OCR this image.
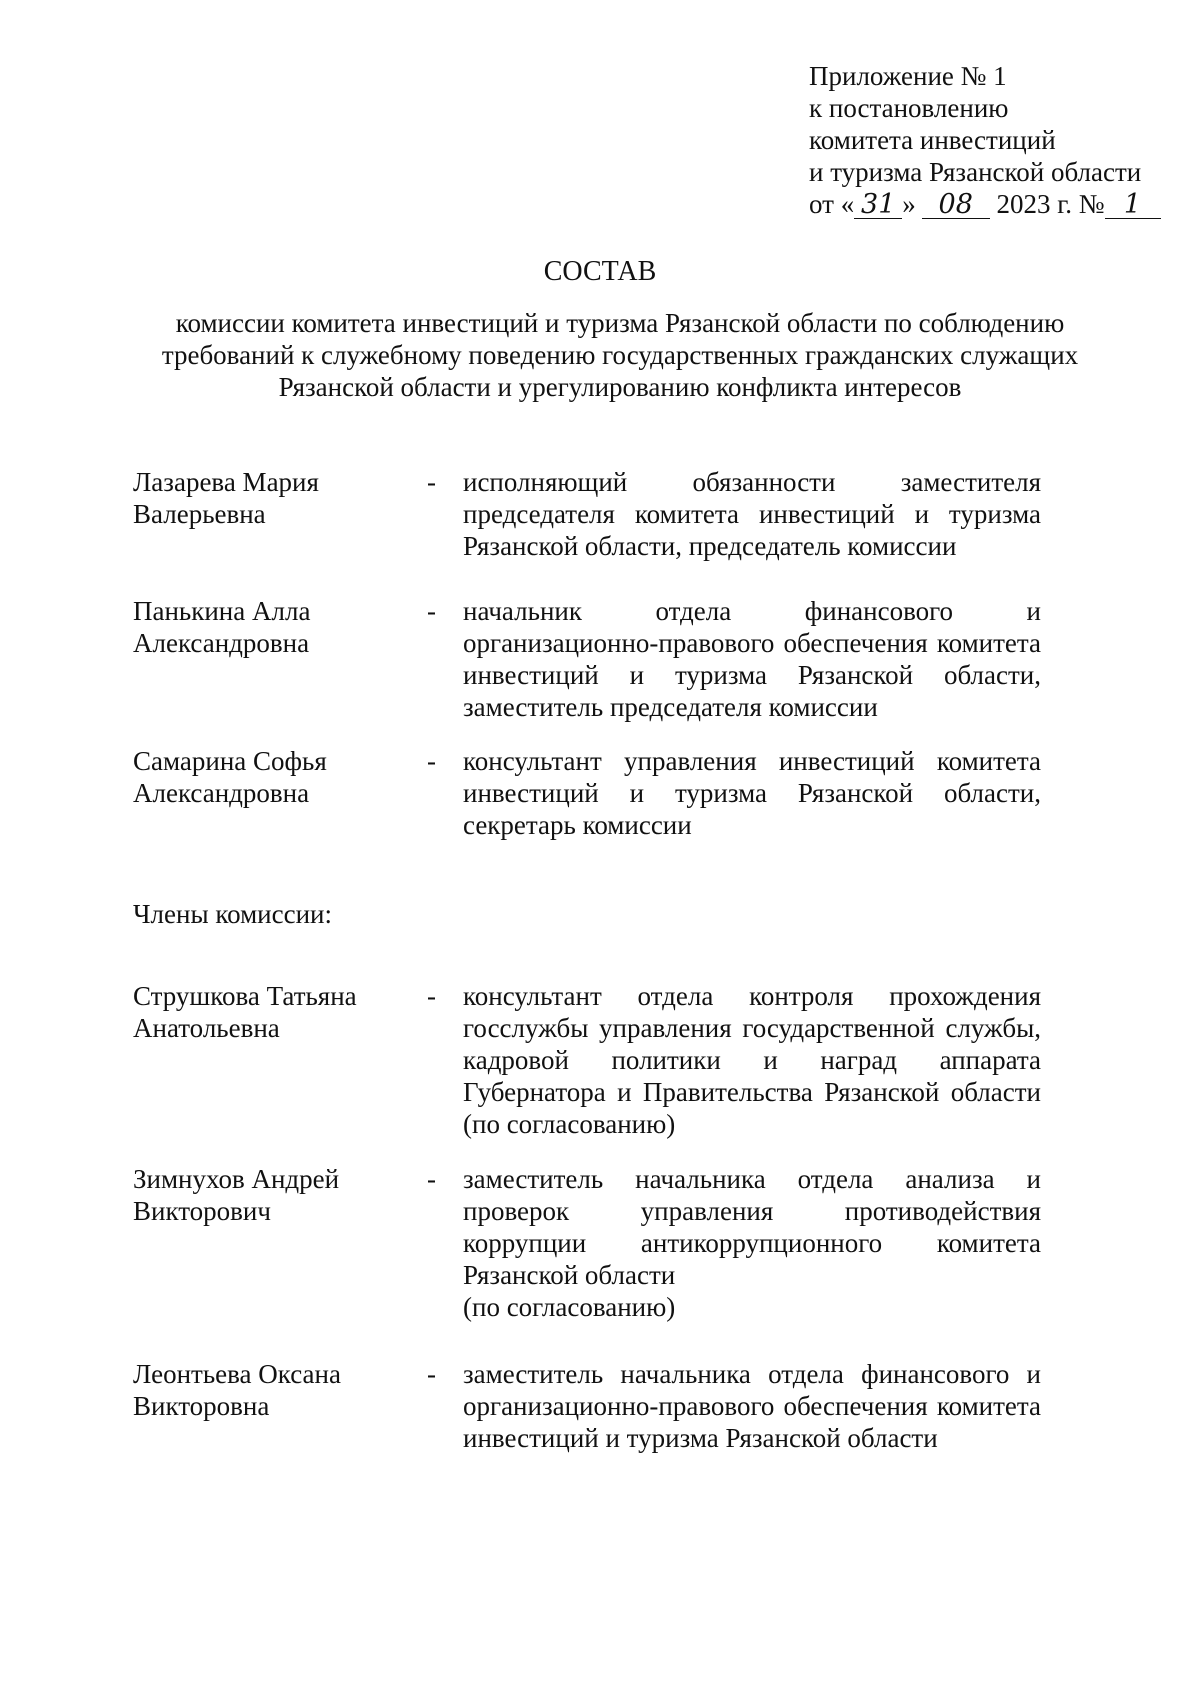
Приложение № 1
к постановлению
комитета инвестиций
и туризма Рязанской области
от « 31 » 08 2023 г. № 1
СОСТАВ
комиссии комитета инвестиций и туризма Рязанской области по соблюдению требований к служебному поведению государственных гражданских служащих Рязанской области и урегулированию конфликта интересов
Лазарева Мария
Валерьевна
- исполняющий обязанности заместителя председателя комитета инвестиций и туризма Рязанской области, председатель комиссии
Панькина Алла
Александровна
- начальник отдела финансового и организационно-правового обеспечения комитета инвестиций и туризма Рязанской области, заместитель председателя комиссии
Самарина Софья
Александровна
- консультант управления инвестиций комитета инвестиций и туризма Рязанской области, секретарь комиссии
Члены комиссии:
Струшкова Татьяна
Анатольевна
- консультант отдела контроля прохождения госслужбы управления государственной службы, кадровой политики и наград аппарата Губернатора и Правительства Рязанской области (по согласованию)
Зимнухов Андрей
Викторович
- заместитель начальника отдела анализа и проверок управления противодействия коррупции антикоррупционного комитета Рязанской области
(по согласованию)
Леонтьева Оксана
Викторовна
- заместитель начальника отдела финансового и организационно-правового обеспечения комитета инвестиций и туризма Рязанской области
